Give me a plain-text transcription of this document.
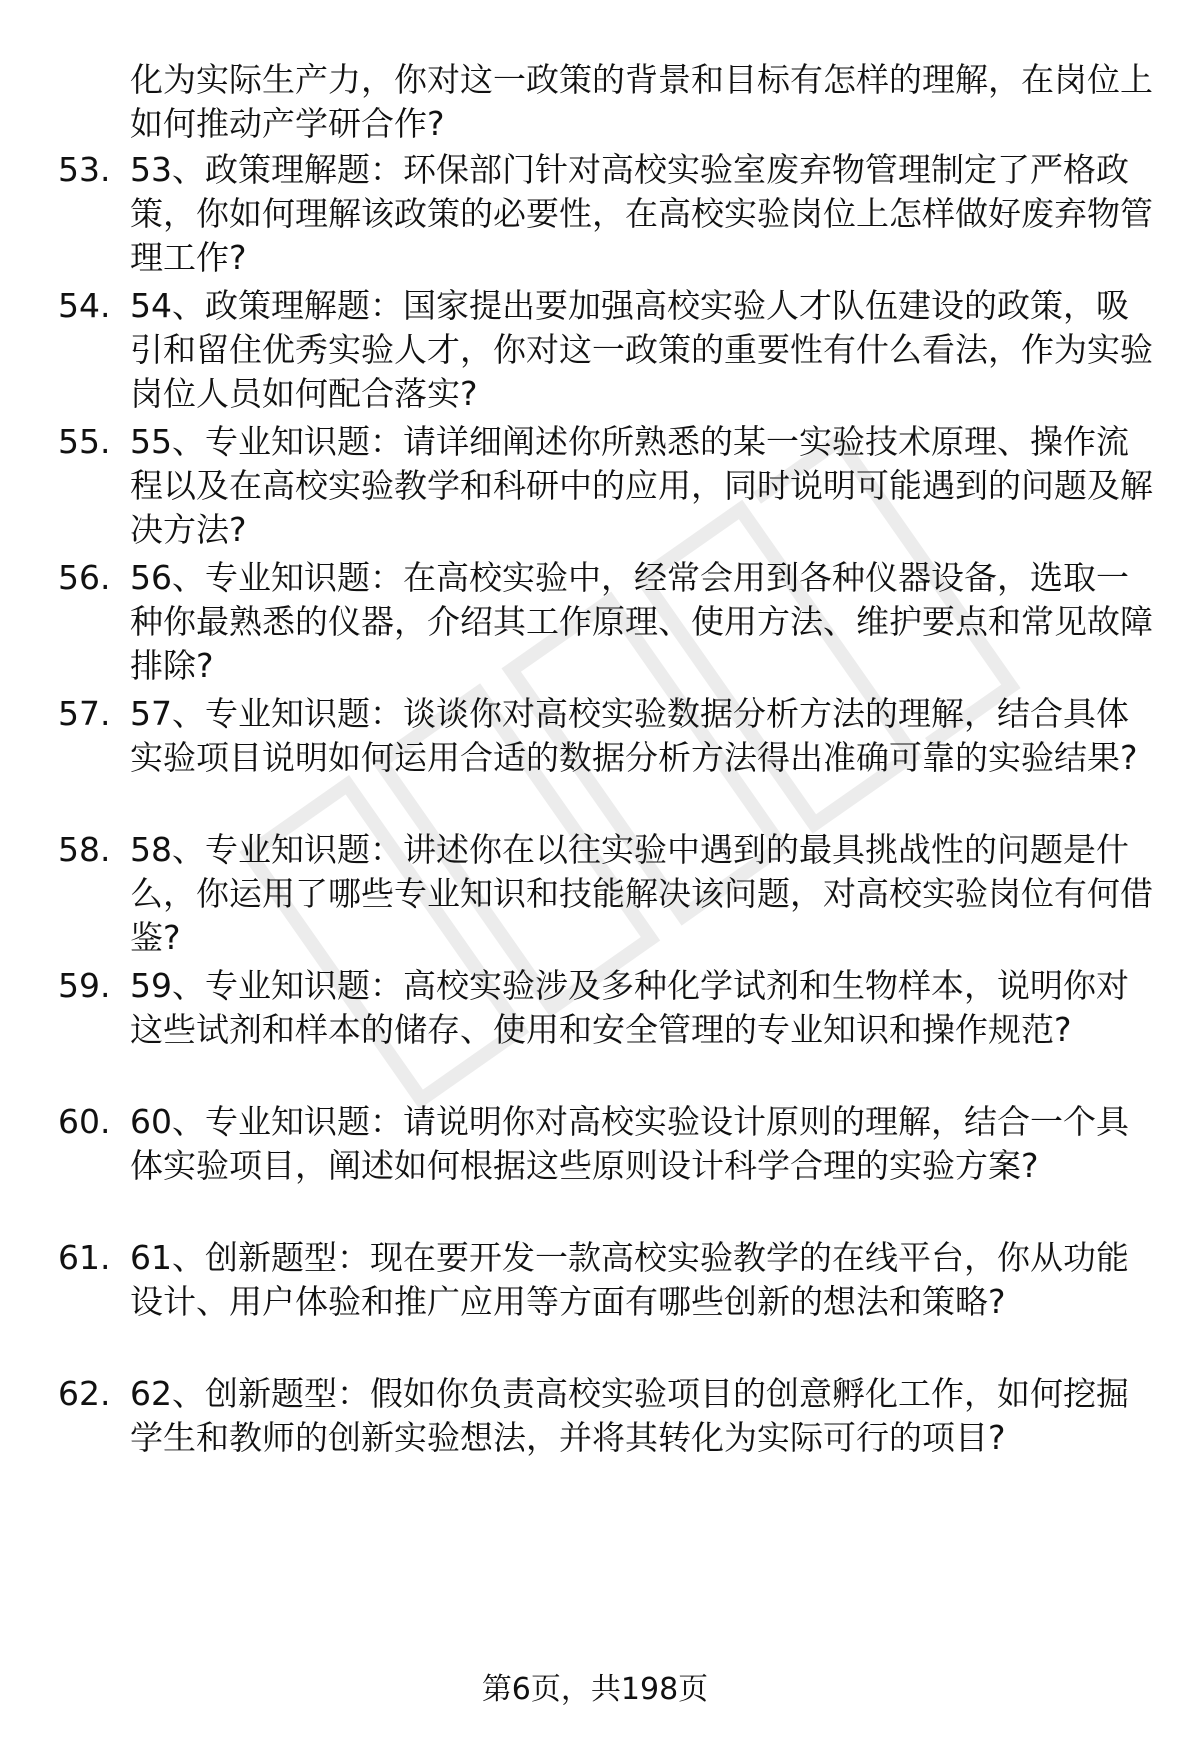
化为实际生产力，你对这一政策的背景和目标有怎样的理解，在岗位上如何推动产学研合作?

53. 53、政策理解题：环保部门针对高校实验室废弃物管理制定了严格政策，你如何理解该政策的必要性，在高校实验岗位上怎样做好废弃物管理工作?
54. 54、政策理解题：国家提出要加强高校实验人才队伍建设的政策，吸引和留住优秀实验人才，你对这一政策的重要性有什么看法，作为实验岗位人员如何配合落实?
55. 55、专业知识题：请详细阐述你所熟悉的某一实验技术原理、操作流程以及在高校实验教学和科研中的应用，同时说明可能遇到的问题及解决方法?
56. 56、专业知识题：在高校实验中，经常会用到各种仪器设备，选取一种你最熟悉的仪器，介绍其工作原理、使用方法、维护要点和常见故障排除?
57. 57、专业知识题：谈谈你对高校实验数据分析方法的理解，结合具体实验项目说明如何运用合适的数据分析方法得出准确可靠的实验结果?
58. 58、专业知识题：讲述你在以往实验中遇到的最具挑战性的问题是什么，你运用了哪些专业知识和技能解决该问题，对高校实验岗位有何借鉴?
59. 59、专业知识题：高校实验涉及多种化学试剂和生物样本，说明你对这些试剂和样本的储存、使用和安全管理的专业知识和操作规范?
60. 60、专业知识题：请说明你对高校实验设计原则的理解，结合一个具体实验项目，阐述如何根据这些原则设计科学合理的实验方案?
61. 61、创新题型：现在要开发一款高校实验教学的在线平台，你从功能设计、用户体验和推广应用等方面有哪些创新的想法和策略?
62. 62、创新题型：假如你负责高校实验项目的创意孵化工作，如何挖掘学生和教师的创新实验想法，并将其转化为实际可行的项目?
第6页，共198页
